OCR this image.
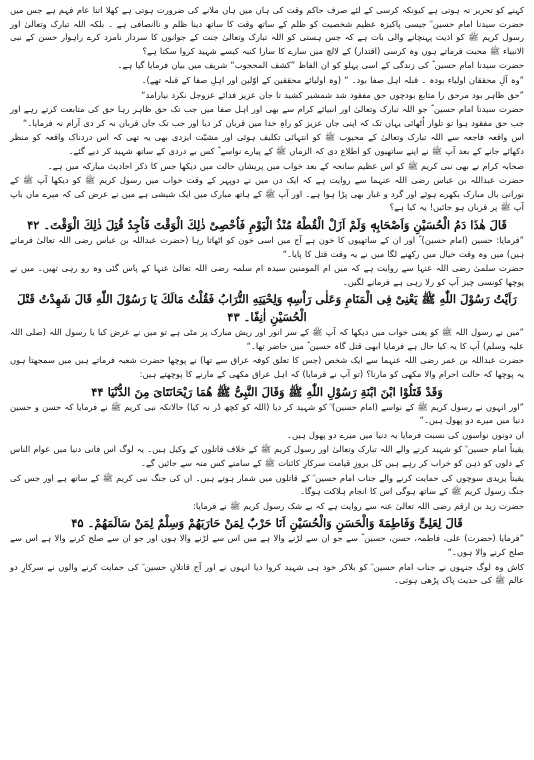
کہنے کو تحریر تہ ہوتی ہے کیونکہ کرسی کے لئے صرف حاکم وقت کی ہاں میں ہاں ملانے کی ضرورت ہوتی ہے کھلا اتنا عام فہم ہے جس میں حضرت سیدنا امام حسین ؓ جیسی پاکیزہ عظیم شخصیت کو ظلم کے ساتھ وقت کا ساتھ دینا ظلم و ناانصافی ہے ۔ بلکہ اللہ تبارک وتعالیٰ اور رسول کریم ﷺ کو اذیت پہنچانے والی بات ہے کہ جس ہستی کو اللہ تبارک وتعالیٰ جنت کے جوانوں کا سردار نامزد کرے راہوار حسن کے نبی الانبیاء ﷺ محبت فرماتے ہوں وہ کرسی (اقتدار) کے لالچ میں سارے کا سارا کنبہ کیسے شہید کروا سکتا ہے؟

حضرت سیدنا امام حسین ؓ کی زندگی کے اسی پہلو کو ان الفاظ ”کشف المحجوب“ شریف میں بیان فرمایا گیا ہے۔

”وہ آلِ محققان اولیاء بودہ ۔ قبلہ اہل صفا بود۔ “ (وہ اولیائے محققین کے اوّلین اور اہلِ صفا کے قبلہ تھے)۔

”حق ظاہر بود مرحق را متابع بودچوں حق مفقود شد شمشیر کشید تا جان عزیز فدائے عزوجل نکرد نیارامد“

حضرت سیدنا امام حسین ؓ جو اللہ تبارک وتعالیٰ اور انبیائے کرام سے بھی اور اہل صفا میں جب تک حق ظاہر رہا حق کی متابعت کرتے رہے اور جب حق مفقود ہوا تو تلوار اُٹھائی یہاں تک کہ اپنی جان عزیز کو راہِ خدا میں قربان کر دیا اور جب تک جان قربان نہ کر دی آرام نہ فرمایا۔“

اس واقعہ فاجعہ سے اللہ تبارک وتعالیٰ کے محبوب ﷺ کو انتہائی تکلیف ہوئی اور مشیّت ایزدی بھی یہ تھی کہ اس دردناک واقعہ کو منظر دکھائے جانے کے بعد آپ ﷺ نے اپنے ساتھیوں کو اطلاع دی کہ الزماں ﷺ کے پیارے نواسے ؓ کس بے دردی کے ساتھ شہید کر دیے گئے۔

صحابہ کرام نے بھی نبی کریم ﷺ کو اس عظیم سانحہ کے بعد خواب میں پریشان حالت میں دیکھا جس کا ذکر احادیث مبارکہ میں ہے۔

حضرت عبداللہ بن عباس رضی اللہ عنہما سے روایت ہے کہ ایک دن میں نے دوپہر کے وقت خواب میں رسول کریم ﷺ کو دیکھا آپ ﷺ کے نورانی بال مبارک بکھرے ہوئے اور گرد و غبار بھی پڑا ہوا ہے۔ اور آپ ﷺ کے ہاتھ مبارک میں ایک شیشی ہے میں نے عرض کی کہ میرے ماں باپ آپ ﷺ پر قربان ہو جائیں! یہ کیا ہے؟

قَالَ هٰذَا دَمُ الْحُسَيْنِ وَاَصْحَابِهٖ وَلَمْ اَزَلْ الْقُطْهُ مُنْذُ الْيَوْمِ فَاُحْصِىْ ذٰلِكَ الْوَقْتَ فَاُجِدُ قُتِلَ ذٰلِكَ الْوَقْتَ۔ ۴۲

”فرمایا: حسین (امام حسین) ؓ اور ان کے ساتھیوں کا خون ہے آج میں اسی خون کو اٹھاتا رہا (حضرت عبداللہ بن عباس رضی اللہ تعالیٰ فرماتے ہیں) میں وہ وقت خیال میں رکھنے لگا میں نے یہ وقت قتل کا پایا۔“

حضرت سلمیٰ رضی اللہ عنہا سے روایت ہے کہ میں ام المومنین سیدہ ام سلمہ رضی اللہ تعالیٰ عنہا کے پاس گئی وہ رو رہی تھیں۔ میں نے پوچھا کونسی چیز آپ کو رلا رہی ہے فرمانے لگیں۔

رَاَيْتُ رَسُوْلَ اللّٰهِ ﷺ يَعْنِىْ فِى الْمَنَامِ وَعَلٰى رَاْسِهٖ وَلِحْيَتِهِ التُّرَابُ فَقُلْتُ مَالَكَ يَا رَسُوْلَ اللّٰهِ قَالَ شَهِدْتُ قَتْلَ الْحُسَيْنِ اٰنِفًا۔ ۴۳

”میں نے رسول اللہ ﷺ کو یعنی خواب میں دیکھا کہ آپ ﷺ کے سر انور اور ریش مبارک پر مٹی ہے تو میں نے عرض کیا یا رسول اللہ (صلی اللہ علیہ وسلم) آپ کا یہ کیا حال ہے فرمایا ابھی قتل گاہ حسین ؓ میں حاضر تھا۔“

حضرت عبداللہ بن عمر رضی اللہ عنہما سے ایک شخص (جس کا تعلق کوفہ عراق سے تھا) نے پوچھا حضرت شعبہ فرماتے ہیں میں سمجھتا ہوں یہ پوچھا کہ حالت احرام والا مکھی کو مارنا؟ (تو آپ نے فرمایا) کہ اہل عراق مکھی کے مارنے کا پوچھتے ہیں:

وَقَدْ قَتَلُوْا ابْنَ ابْنَةِ رَسُوْلِ اللّٰهِ ﷺ وَقَالَ النَّبِىُّ ﷺ هُمَا رَيْحَانَتَاىَ مِنَ الدُّنْيَا ۴۴

”اور انہوں نے رسول کریم ﷺ کے نواسے (امام حسین) ؓ کو شہید کر دیا (اللہ کو کچھ ڈر نہ کیا) حالانکہ نبی کریم ﷺ نے فرمایا کہ حسن و حسین دنیا میں میرے دو پھول ہیں۔“

ان دونوں نواسوں کی نسبت فرمایا یہ دنیا میں میرے دو پھول ہیں۔

یقیناً امام حسین ؓ کو شہید کرنے والے اللہ تبارک وتعالیٰ اور رسول کریم ﷺ کے خلاف قاتلوں کے وکیل ہیں۔ یہ لوگ اس فانی دنیا میں عوام الناس کے دلوں کو ذہن کو خراب کر رہے ہیں کل بروزِ قیامت سرکارِ کائنات ﷺ کے سامنے کس منہ سے جائیں گے۔

یقیناً یزیدی سوچوں کی حمایت کرنے والے جناب امام حسین ؓ کے قاتلوں میں شمار ہوتے ہیں۔ ان کی جنگ نبی کریم ﷺ کے ساتھ ہے اور جس کی جنگ رسول کریم ﷺ کے ساتھ ہوگی اس کا انجام ہلاکت ہوگا۔

حضرت زید بن ارقم رضی اللہ تعالیٰ عنہ سے روایت ہے کہ بے شک رسول کریم ﷺ نے فرمایا:

قَالَ لِعَلِىٍّ وَفَاطِمَةَ وَالْحَسَنِ وَالْحُسَيْنِ اَنَا حَرْبٌ لِمَنْ حَارَبَهُمْ وَسِلْمٌ لِمَنْ سَالَمَهُمْ۔ ۴۵

”فرمایا (حضرت) علی، فاطمہ، حسن، حسین ؓ سے جو ان سے لڑنے والا ہے میں اس سے لڑنے والا ہوں اور جو ان سے صلح کرنے والا ہے اس سے صلح کرنے والا ہوں۔“

کاش وہ لوگ جنہوں نے جناب امام حسین ؓ کو بلاکر خود ہی شہید کروا دیا انہوں نے اور آج قاتلانِ حسین ؓ کی حمایت کرنے والوں نے سرکارِ دو عالم ﷺ کی حدیث پاک پڑھی ہوتی۔
